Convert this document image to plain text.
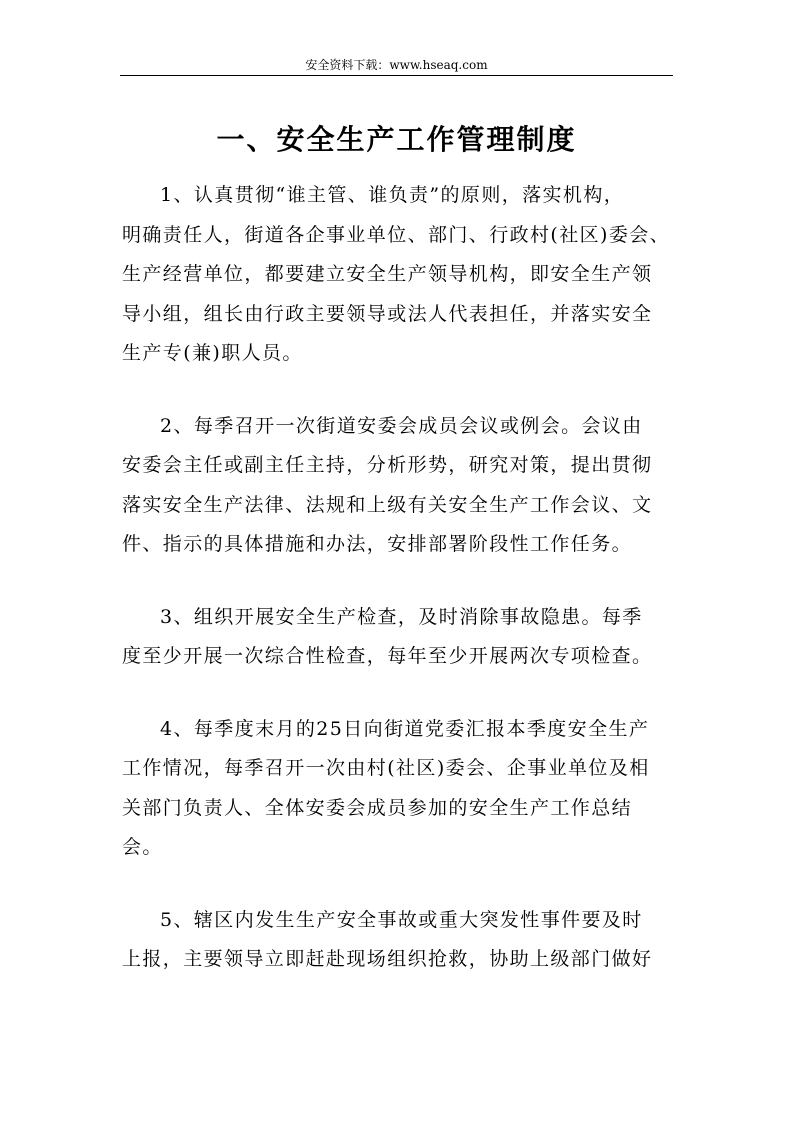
安全资料下载：www.hseaq.com
一、安全生产工作管理制度

1、认真贯彻“谁主管、谁负责”的原则，落实机构，
明确责任人，街道各企事业单位、部门、行政村(社区)委会、
生产经营单位，都要建立安全生产领导机构，即安全生产领
导小组，组长由行政主要领导或法人代表担任，并落实安全
生产专(兼)职人员。

2、每季召开一次街道安委会成员会议或例会。会议由
安委会主任或副主任主持，分析形势，研究对策，提出贯彻
落实安全生产法律、法规和上级有关安全生产工作会议、文
件、指示的具体措施和办法，安排部署阶段性工作任务。

3、组织开展安全生产检查，及时消除事故隐患。每季
度至少开展一次综合性检查，每年至少开展两次专项检查。

4、每季度末月的25日向街道党委汇报本季度安全生产
工作情况，每季召开一次由村(社区)委会、企事业单位及相
关部门负责人、全体安委会成员参加的安全生产工作总结
会。

5、辖区内发生生产安全事故或重大突发性事件要及时
上报，主要领导立即赶赴现场组织抢救，协助上级部门做好
